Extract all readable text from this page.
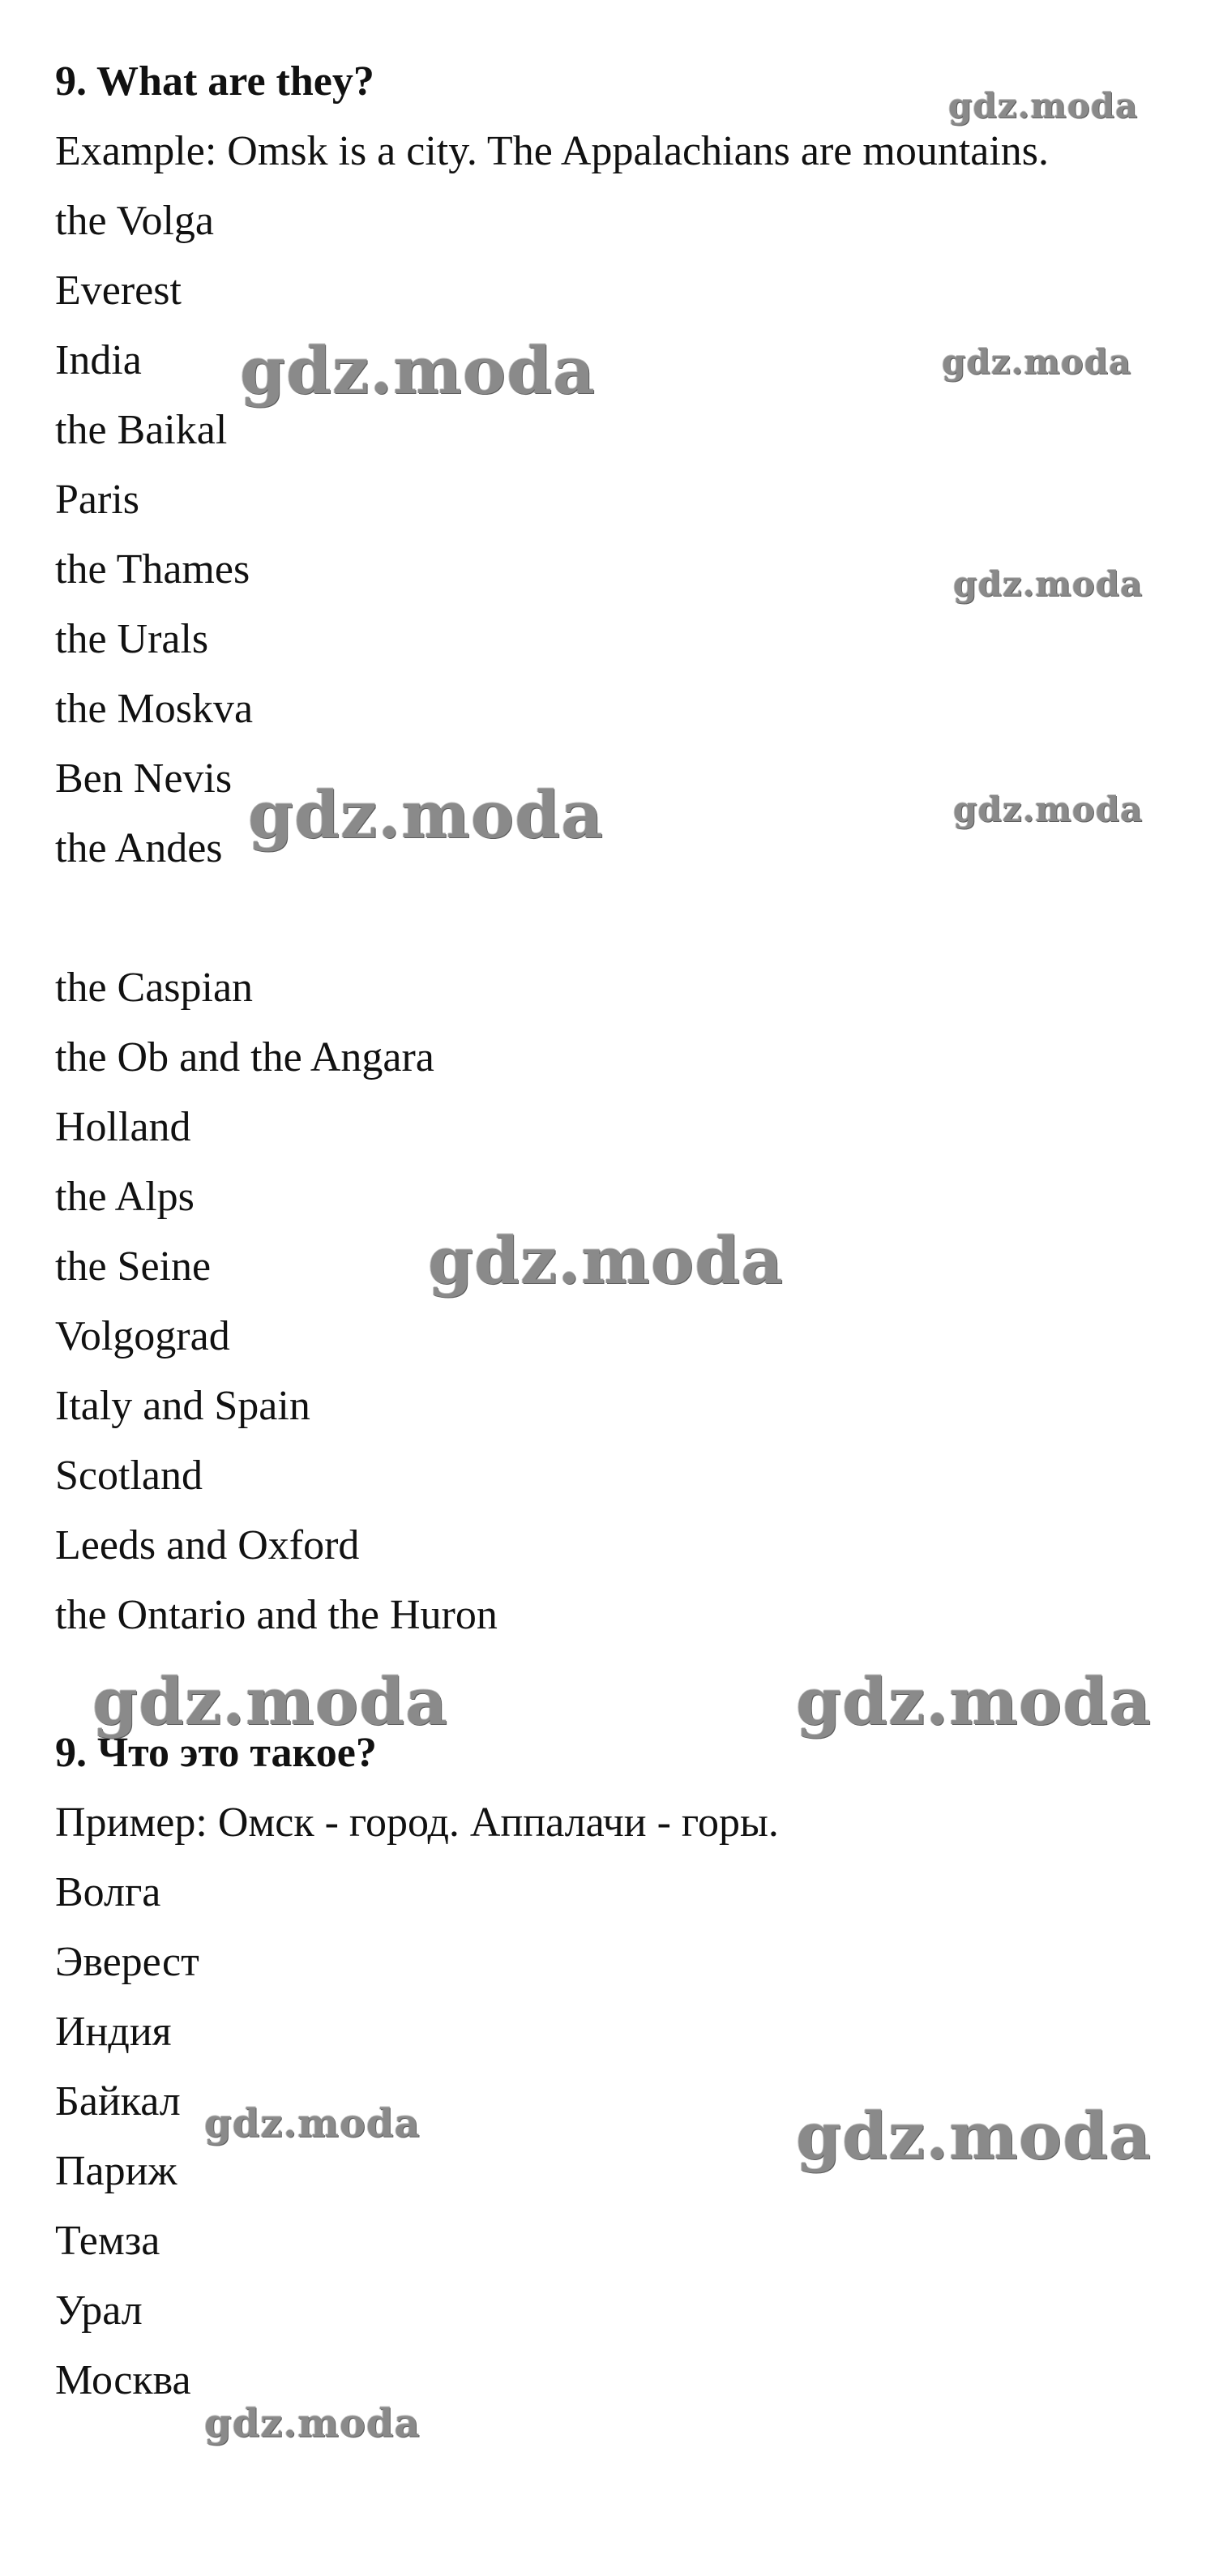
9. What are they?
Example: Omsk is a city. The Appalachians are mountains.
the Volga
Everest
India
the Baikal
Paris
the Thames
the Urals
the Moskva
Ben Nevis
the Andes
the Caspian
the Ob and the Angara
Holland
the Alps
the Seine
Volgograd
Italy and Spain
Scotland
Leeds and Oxford
the Ontario and the Huron
9. Что это такое?
Пример: Омск - город. Аппалачи - горы.
Волга
Эверест
Индия
Байкал
Париж
Темза
Урал
Москва
gdz.moda
gdz.moda	gdz.moda
gdz.moda
gdz.moda	gdz.moda
gdz.moda
gdz.moda	gdz.moda
gdz.moda	gdz.moda
gdz.moda
